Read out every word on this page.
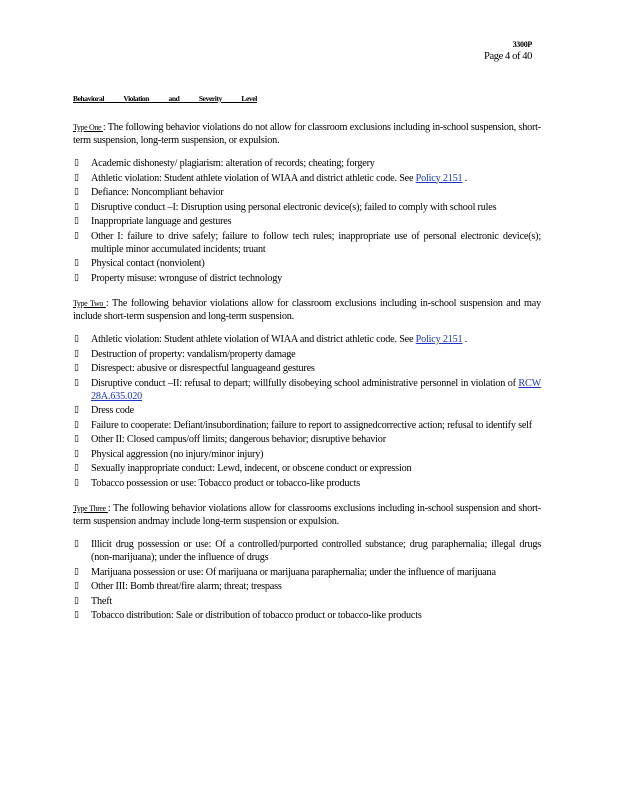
3300P
Page 4 of 40

Behavioral Violation and Severity Level

Type One : The following behavior violations do not allow for classroom exclusions including in-school suspension, short-term suspension, long-term suspension, or expulsion.

▯ Academic dishonesty/ plagiarism: alteration of records; cheating; forgery
▯ Athletic violation: Student athlete violation of WIAA and district athletic code. See Policy 2151 .
▯ Defiance: Noncompliant behavior
▯ Disruptive conduct –I: Disruption using personal electronic device(s); failed to comply with school rules
▯ Inappropriate language and gestures
▯ Other I: failure to drive safely; failure to follow tech rules; inappropriate use of personal electronic device(s); multiple minor accumulated incidents; truant
▯ Physical contact (nonviolent)
▯ Property misuse: wronguse of district technology

Type Two : The following behavior violations allow for classroom exclusions including in-school suspension and may include short-term suspension and long-term suspension.

▯ Athletic violation: Student athlete violation of WIAA and district athletic code. See Policy 2151 .
▯ Destruction of property: vandalism/property damage
▯ Disrespect: abusive or disrespectful languageand gestures
▯ Disruptive conduct –II: refusal to depart; willfully disobeying school administrative personnel in violation of RCW 28A.635.020
▯ Dress code
▯ Failure to cooperate: Defiant/insubordination; failure to report to assignedcorrective action; refusal to identify self
▯ Other II: Closed campus/off limits; dangerous behavior; disruptive behavior
▯ Physical aggression (no injury/minor injury)
▯ Sexually inappropriate conduct: Lewd, indecent, or obscene conduct or expression
▯ Tobacco possession or use: Tobacco product or tobacco-like products

Type Three : The following behavior violations allow for classrooms exclusions including in-school suspension and short-term suspension andmay include long-term suspension or expulsion.

▯ Illicit drug possession or use: Of a controlled/purported controlled substance; drug paraphernalia; illegal drugs (non-marijuana); under the influence of drugs
▯ Marijuana possession or use: Of marijuana or marijuana paraphernalia; under the influence of marijuana
▯ Other III: Bomb threat/fire alarm; threat; trespass
▯ Theft
▯ Tobacco distribution: Sale or distribution of tobacco product or tobacco-like products
